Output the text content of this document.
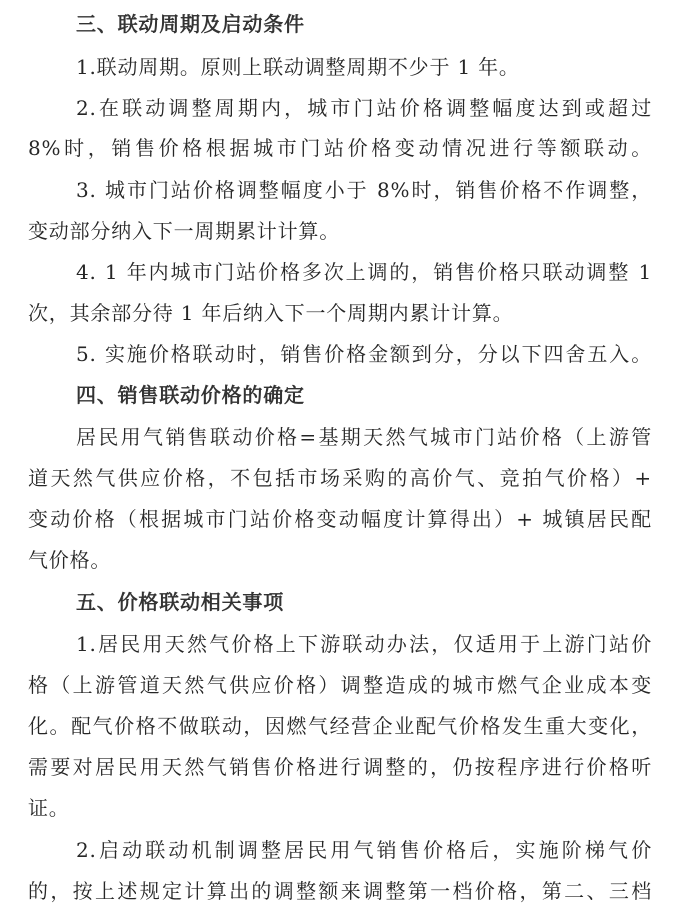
三、联动周期及启动条件
1.联动周期。原则上联动调整周期不少于 1 年。
2.在联动调整周期内，城市门站价格调整幅度达到或超过
8%时，销售价格根据城市门站价格变动情况进行等额联动。
3. 城市门站价格调整幅度小于 8%时，销售价格不作调整，
变动部分纳入下一周期累计计算。
4. 1 年内城市门站价格多次上调的，销售价格只联动调整 1
次，其余部分待 1 年后纳入下一个周期内累计计算。
5. 实施价格联动时，销售价格金额到分，分以下四舍五入。
四、销售联动价格的确定
居民用气销售联动价格=基期天然气城市门站价格（上游管
道天然气供应价格，不包括市场采购的高价气、竞拍气价格）+
变动价格（根据城市门站价格变动幅度计算得出）+ 城镇居民配
气价格。
五、价格联动相关事项
1.居民用天然气价格上下游联动办法，仅适用于上游门站价
格（上游管道天然气供应价格）调整造成的城市燃气企业成本变
化。配气价格不做联动，因燃气经营企业配气价格发生重大变化，
需要对居民用天然气销售价格进行调整的，仍按程序进行价格听
证。
2.启动联动机制调整居民用气销售价格后，实施阶梯气价
的，按上述规定计算出的调整额来调整第一档价格，第二、三档
